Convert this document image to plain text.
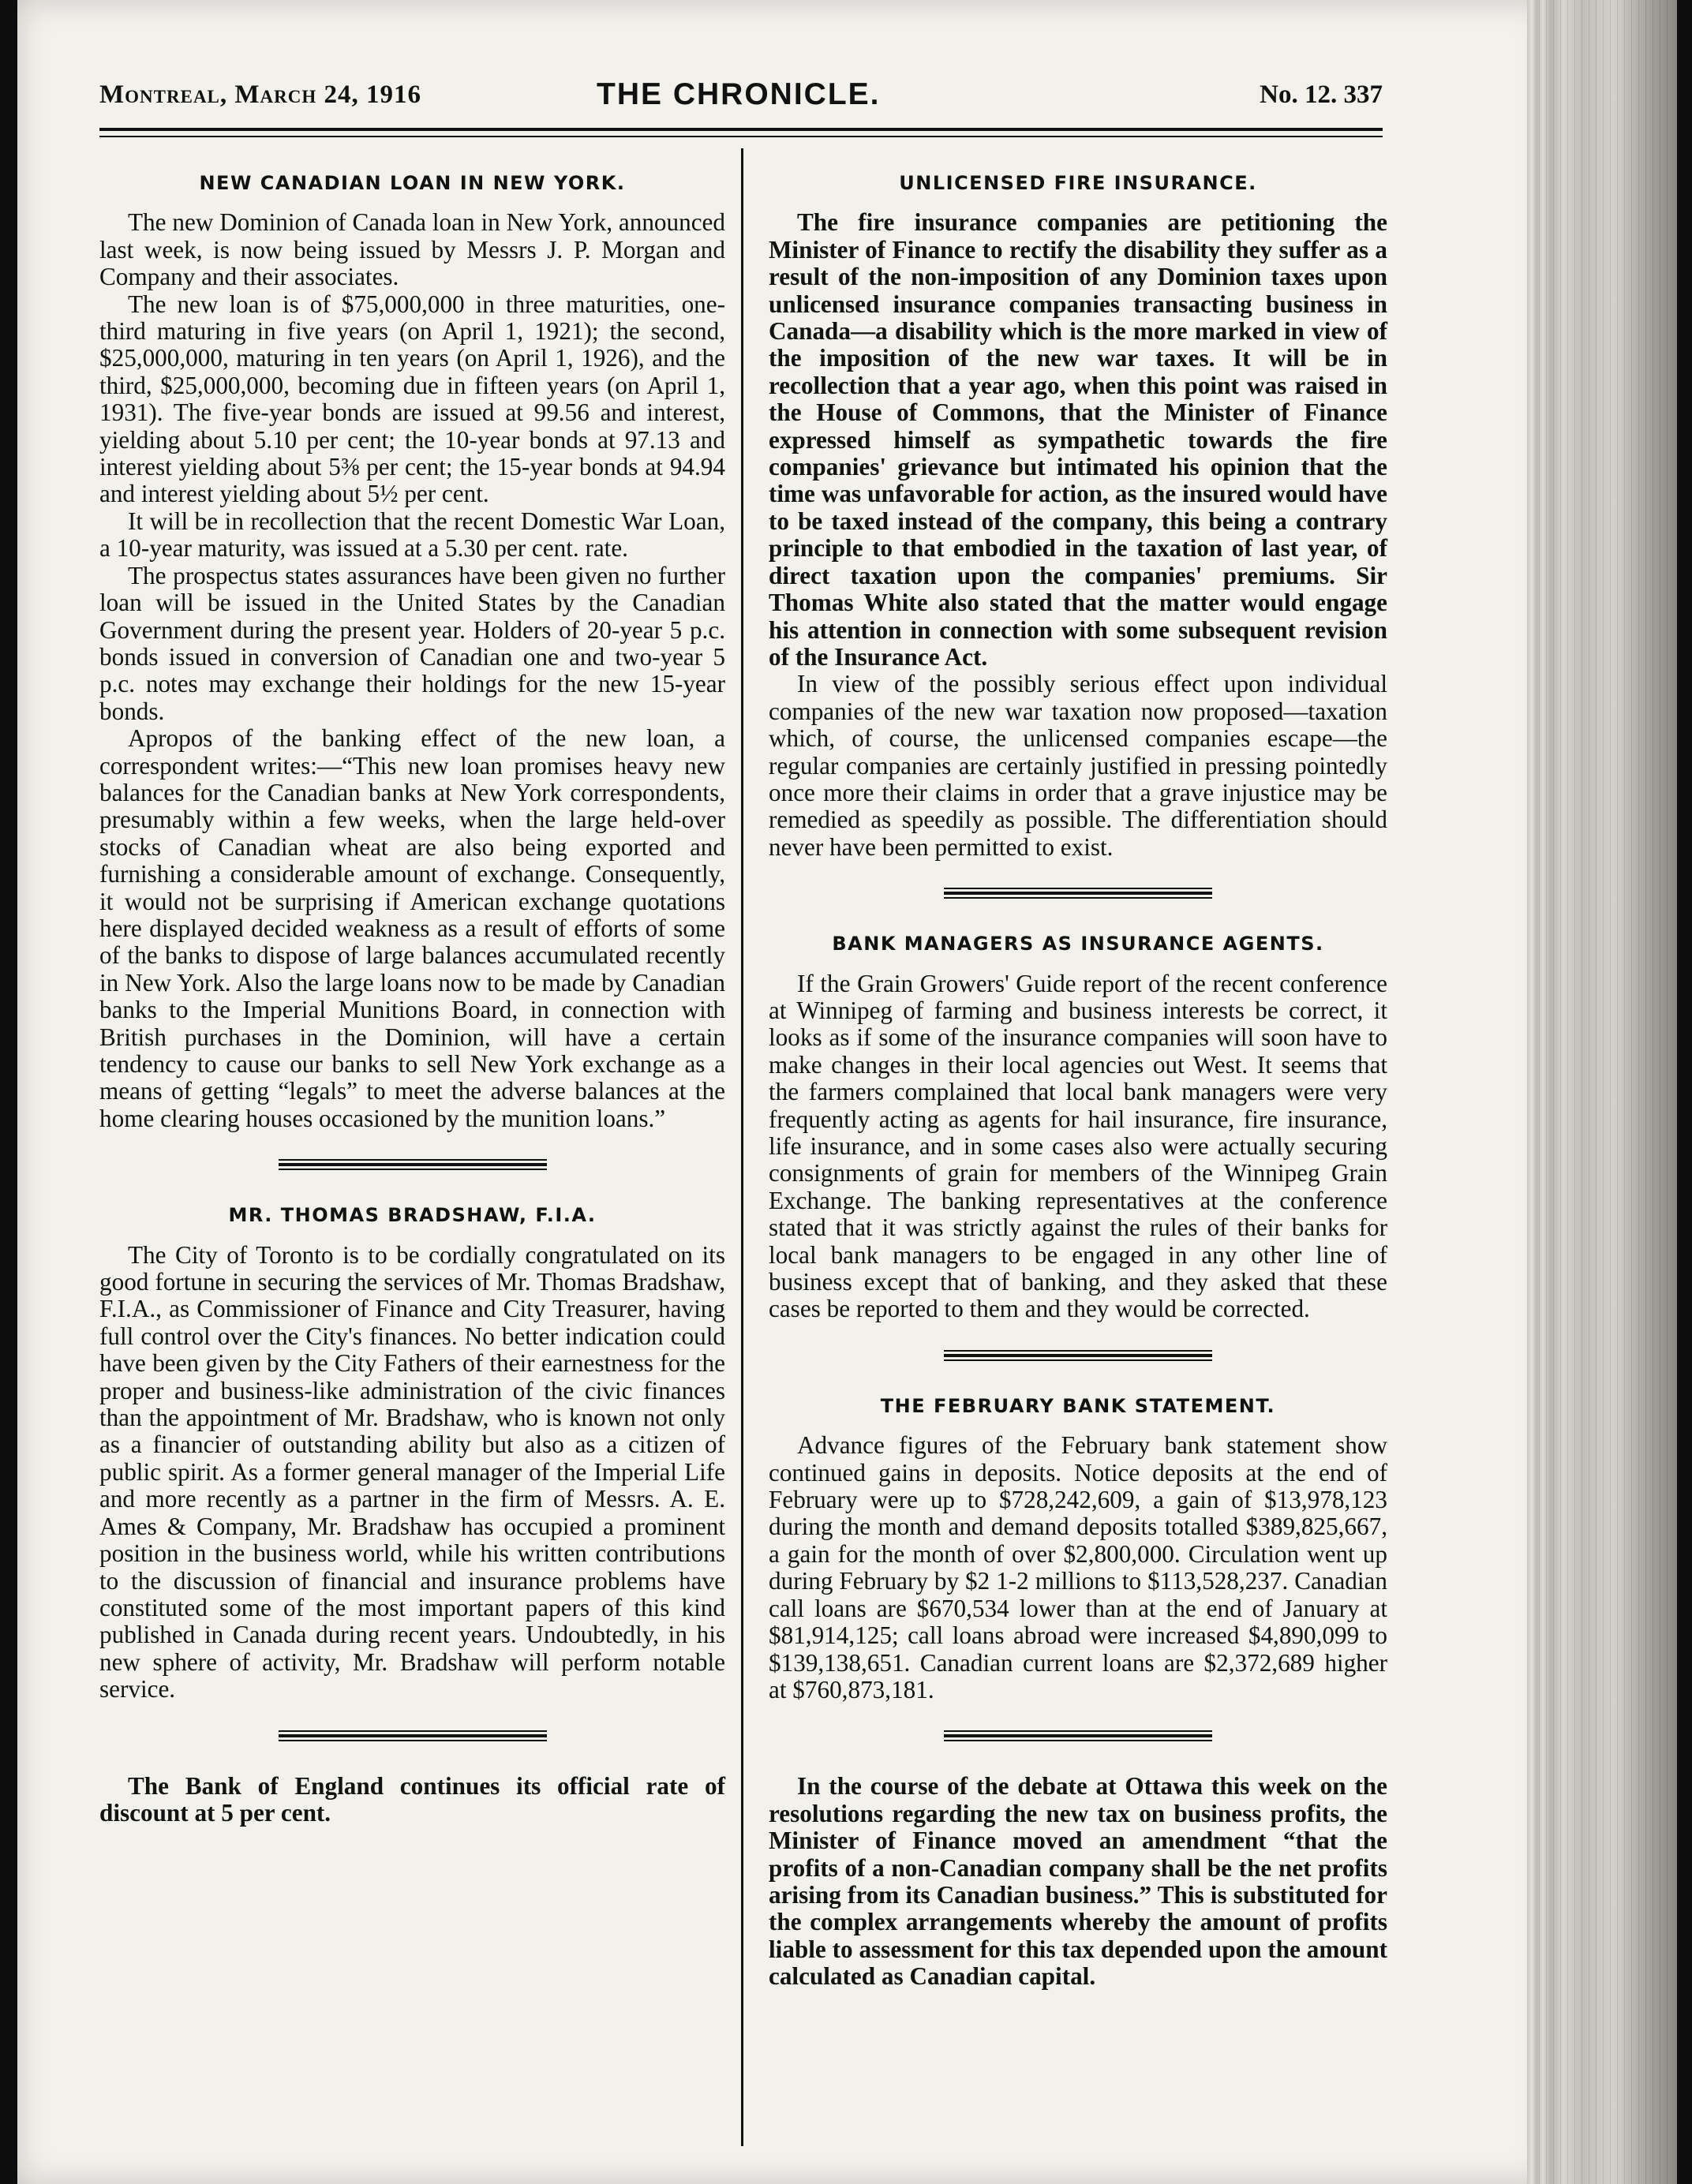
Montreal, March 24, 1916	THE CHRONICLE.	No. 12. 337
NEW CANADIAN LOAN IN NEW YORK.

The new Dominion of Canada loan in New York, announced last week, is now being issued by Messrs J. P. Morgan and Company and their associates.

The new loan is of $75,000,000 in three maturities, one-third maturing in five years (on April 1, 1921); the second, $25,000,000, maturing in ten years (on April 1, 1926), and the third, $25,000,000, becoming due in fifteen years (on April 1, 1931). The five-year bonds are issued at 99.56 and interest, yielding about 5.10 per cent; the 10-year bonds at 97.13 and interest yielding about 5⅜ per cent; the 15-year bonds at 94.94 and interest yielding about 5½ per cent.

It will be in recollection that the recent Domestic War Loan, a 10-year maturity, was issued at a 5.30 per cent. rate.

The prospectus states assurances have been given no further loan will be issued in the United States by the Canadian Government during the present year. Holders of 20-year 5 p.c. bonds issued in conversion of Canadian one and two-year 5 p.c. notes may exchange their holdings for the new 15-year bonds.

Apropos of the banking effect of the new loan, a correspondent writes:—“This new loan promises heavy new balances for the Canadian banks at New York correspondents, presumably within a few weeks, when the large held-over stocks of Canadian wheat are also being exported and furnishing a considerable amount of exchange. Consequently, it would not be surprising if American exchange quotations here displayed decided weakness as a result of efforts of some of the banks to dispose of large balances accumulated recently in New York. Also the large loans now to be made by Canadian banks to the Imperial Munitions Board, in connection with British purchases in the Dominion, will have a certain tendency to cause our banks to sell New York exchange as a means of getting “legals” to meet the adverse balances at the home clearing houses occasioned by the munition loans.”

MR. THOMAS BRADSHAW, F.I.A.

The City of Toronto is to be cordially congratulated on its good fortune in securing the services of Mr. Thomas Bradshaw, F.I.A., as Commissioner of Finance and City Treasurer, having full control over the City's finances. No better indication could have been given by the City Fathers of their earnestness for the proper and business-like administration of the civic finances than the appointment of Mr. Bradshaw, who is known not only as a financier of outstanding ability but also as a citizen of public spirit. As a former general manager of the Imperial Life and more recently as a partner in the firm of Messrs. A. E. Ames & Company, Mr. Bradshaw has occupied a prominent position in the business world, while his written contributions to the discussion of financial and insurance problems have constituted some of the most important papers of this kind published in Canada during recent years. Undoubtedly, in his new sphere of activity, Mr. Bradshaw will perform notable service.

The Bank of England continues its official rate of discount at 5 per cent.

UNLICENSED FIRE INSURANCE.

The fire insurance companies are petitioning the Minister of Finance to rectify the disability they suffer as a result of the non-imposition of any Dominion taxes upon unlicensed insurance companies transacting business in Canada—a disability which is the more marked in view of the imposition of the new war taxes. It will be in recollection that a year ago, when this point was raised in the House of Commons, that the Minister of Finance expressed himself as sympathetic towards the fire companies' grievance but intimated his opinion that the time was unfavorable for action, as the insured would have to be taxed instead of the company, this being a contrary principle to that embodied in the taxation of last year, of direct taxation upon the companies' premiums. Sir Thomas White also stated that the matter would engage his attention in connection with some subsequent revision of the Insurance Act.

In view of the possibly serious effect upon individual companies of the new war taxation now proposed—taxation which, of course, the unlicensed companies escape—the regular companies are certainly justified in pressing pointedly once more their claims in order that a grave injustice may be remedied as speedily as possible. The differentiation should never have been permitted to exist.

BANK MANAGERS AS INSURANCE AGENTS.

If the Grain Growers' Guide report of the recent conference at Winnipeg of farming and business interests be correct, it looks as if some of the insurance companies will soon have to make changes in their local agencies out West. It seems that the farmers complained that local bank managers were very frequently acting as agents for hail insurance, fire insurance, life insurance, and in some cases also were actually securing consignments of grain for members of the Winnipeg Grain Exchange. The banking representatives at the conference stated that it was strictly against the rules of their banks for local bank managers to be engaged in any other line of business except that of banking, and they asked that these cases be reported to them and they would be corrected.

THE FEBRUARY BANK STATEMENT.

Advance figures of the February bank statement show continued gains in deposits. Notice deposits at the end of February were up to $728,242,609, a gain of $13,978,123 during the month and demand deposits totalled $389,825,667, a gain for the month of over $2,800,000. Circulation went up during February by $2 1-2 millions to $113,528,237. Canadian call loans are $670,534 lower than at the end of January at $81,914,125; call loans abroad were increased $4,890,099 to $139,138,651. Canadian current loans are $2,372,689 higher at $760,873,181.

In the course of the debate at Ottawa this week on the resolutions regarding the new tax on business profits, the Minister of Finance moved an amendment “that the profits of a non-Canadian company shall be the net profits arising from its Canadian business.” This is substituted for the complex arrangements whereby the amount of profits liable to assessment for this tax depended upon the amount calculated as Canadian capital.
